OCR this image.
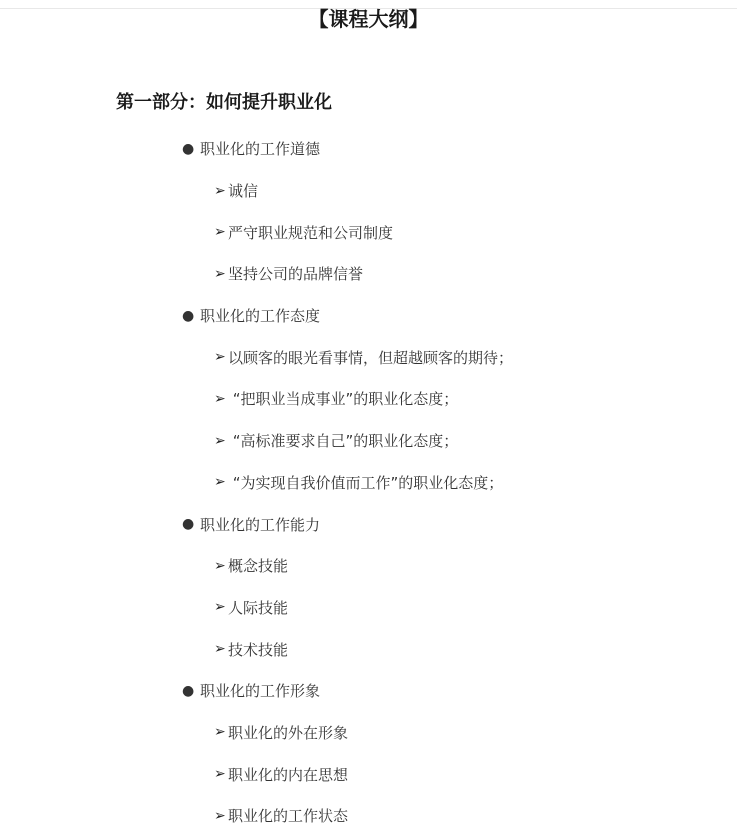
【课程大纲】
第一部分：如何提升职业化
● 职业化的工作道德
➢ 诚信
➢ 严守职业规范和公司制度
➢ 坚持公司的品牌信誉
● 职业化的工作态度
➢ 以顾客的眼光看事情，但超越顾客的期待；
➢ “把职业当成事业”的职业化态度；
➢ “高标准要求自己”的职业化态度；
➢ “为实现自我价值而工作”的职业化态度；
● 职业化的工作能力
➢ 概念技能
➢ 人际技能
➢ 技术技能
● 职业化的工作形象
➢ 职业化的外在形象
➢ 职业化的内在思想
➢ 职业化的工作状态
